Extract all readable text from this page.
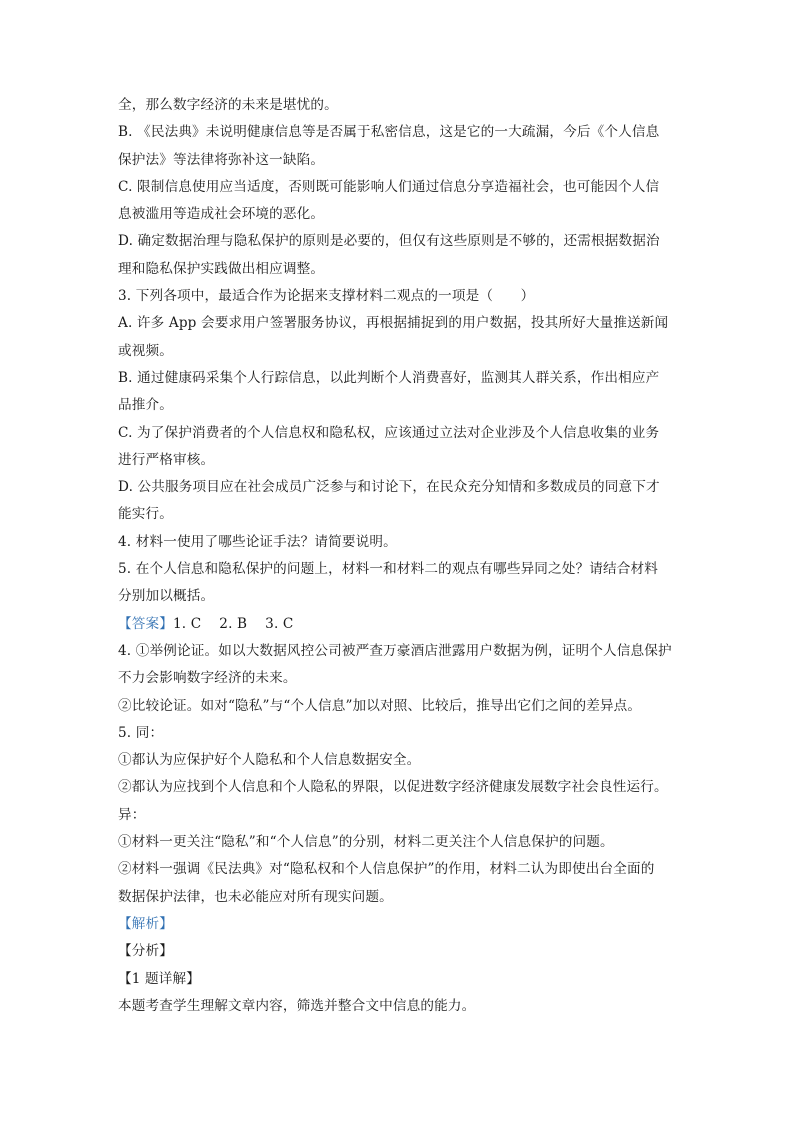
全，那么数字经济的未来是堪忧的。
B. 《民法典》未说明健康信息等是否属于私密信息，这是它的一大疏漏，今后《个人信息
保护法》等法律将弥补这一缺陷。
C. 限制信息使用应当适度，否则既可能影响人们通过信息分享造福社会，也可能因个人信
息被滥用等造成社会环境的恶化。
D. 确定数据治理与隐私保护的原则是必要的，但仅有这些原则是不够的，还需根据数据治
理和隐私保护实践做出相应调整。
3. 下列各项中，最适合作为论据来支撑材料二观点的一项是（　　）
A. 许多 App 会要求用户签署服务协议，再根据捕捉到的用户数据，投其所好大量推送新闻
或视频。
B. 通过健康码采集个人行踪信息，以此判断个人消费喜好，监测其人群关系，作出相应产
品推介。
C. 为了保护消费者的个人信息权和隐私权，应该通过立法对企业涉及个人信息收集的业务
进行严格审核。
D. 公共服务项目应在社会成员广泛参与和讨论下，在民众充分知情和多数成员的同意下才
能实行。
4. 材料一使用了哪些论证手法？请简要说明。
5. 在个人信息和隐私保护的问题上，材料一和材料二的观点有哪些异同之处？请结合材料
分别加以概括。
【答案】1. C 2. B 3. C
4. ①举例论证。如以大数据风控公司被严查万豪酒店泄露用户数据为例，证明个人信息保护
不力会影响数字经济的未来。
②比较论证。如对“隐私”与“个人信息”加以对照、比较后，推导出它们之间的差异点。
5. 同：
①都认为应保护好个人隐私和个人信息数据安全。
②都认为应找到个人信息和个人隐私的界限，以促进数字经济健康发展数字社会良性运行。
异：
①材料一更关注“隐私”和“个人信息”的分别，材料二更关注个人信息保护的问题。
②材料一强调《民法典》对“隐私权和个人信息保护”的作用，材料二认为即使出台全面的
数据保护法律，也未必能应对所有现实问题。
【解析】
【分析】
【1 题详解】
本题考查学生理解文章内容，筛选并整合文中信息的能力。
